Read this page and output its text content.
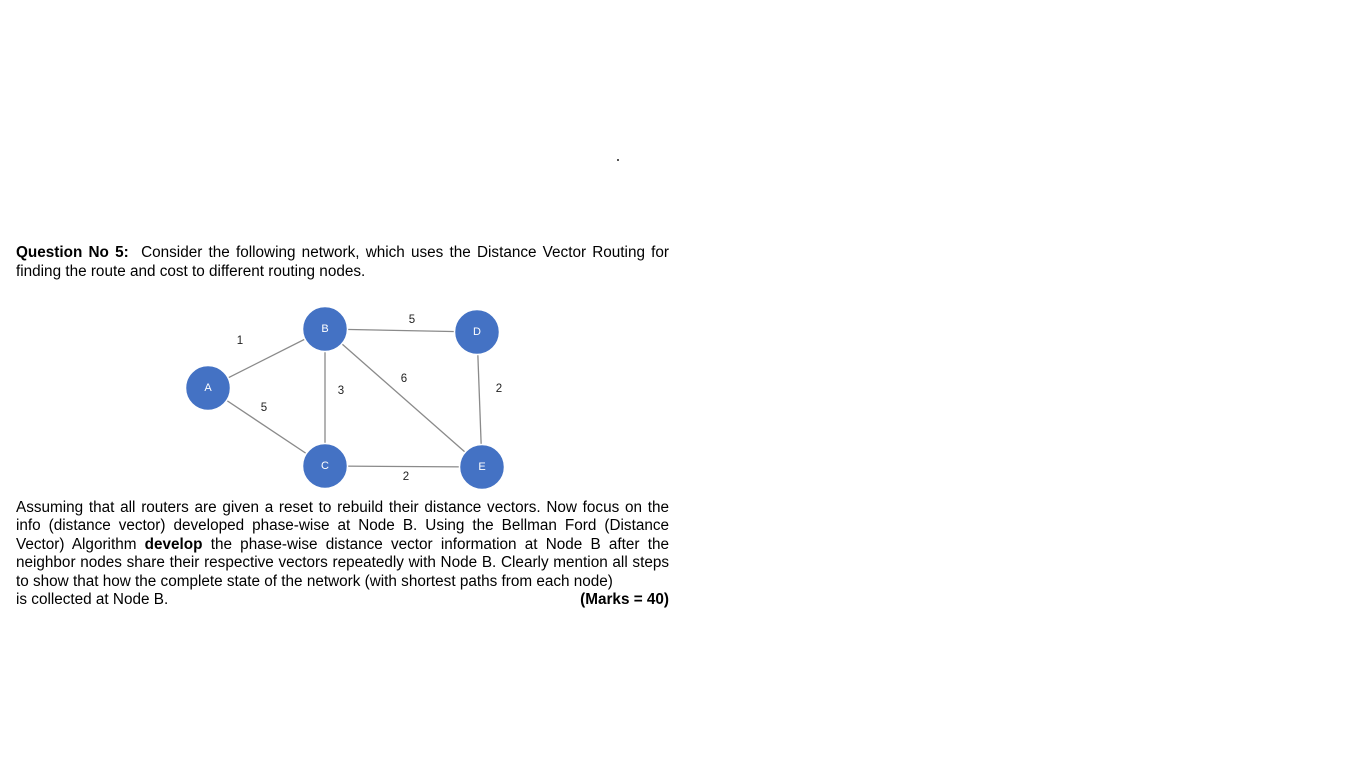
Question No 5: Consider the following network, which uses the Distance Vector Routing for finding the route and cost to different routing nodes.
1
5
3
5
6
2
2
A
B
C
D
E
Assuming that all routers are given a reset to rebuild their distance vectors. Now focus on the info (distance vector) developed phase-wise at Node B. Using the Bellman Ford (Distance Vector) Algorithm develop the phase-wise distance vector information at Node B after the neighbor nodes share their respective vectors repeatedly with Node B. Clearly mention all steps to show that how the complete state of the network (with shortest paths from each node)
is collected at Node B.	(Marks = 40)
